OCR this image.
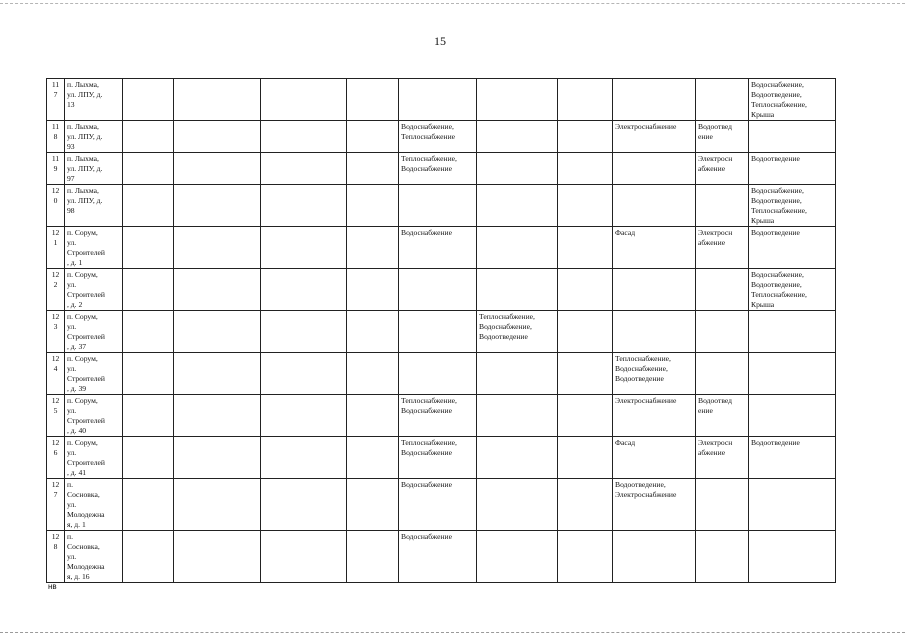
15
11
7	п. Лыхма,
ул. ЛПУ, д.
13										Водоснабжение,
Водоотведение,
Теплоснабжение,
Крыша

11
8	п. Лыхма,
ул. ЛПУ, д.
93					Водоснабжение,
Теплоснабжение			Электроснабжение	Водоотвед
ение	

11
9	п. Лыхма,
ул. ЛПУ, д.
97					Теплоснабжение,
Водоснабжение				Электросн
абжение	Водоотведение

12
0	п. Лыхма,
ул. ЛПУ, д.
98										Водоснабжение,
Водоотведение,
Теплоснабжение,
Крыша

12
1	п. Сорум,
ул.
Строителей
, д. 1					Водоснабжение			Фасад	Электросн
абжение	Водоотведение

12
2	п. Сорум,
ул.
Строителей
, д. 2										Водоснабжение,
Водоотведение,
Теплоснабжение,
Крыша

12
3	п. Сорум,
ул.
Строителей
, д. 37						Теплоснабжение,
Водоснабжение,
Водоотведение				

12
4	п. Сорум,
ул.
Строителей
, д. 39								Теплоснабжение,
Водоснабжение,
Водоотведение		

12
5	п. Сорум,
ул.
Строителей
, д. 40					Теплоснабжение,
Водоснабжение			Электроснабжение	Водоотвед
ение	

12
6	п. Сорум,
ул.
Строителей
, д. 41					Теплоснабжение,
Водоснабжение			Фасад	Электросн
абжение	Водоотведение

12
7	п.
Сосновка,
ул.
Молодежна
я, д. 1					Водоснабжение			Водоотведение,
Электроснабжение		

12
8	п.
Сосновка,
ул.
Молодежна
я, д. 16					Водоснабжение					

нв
